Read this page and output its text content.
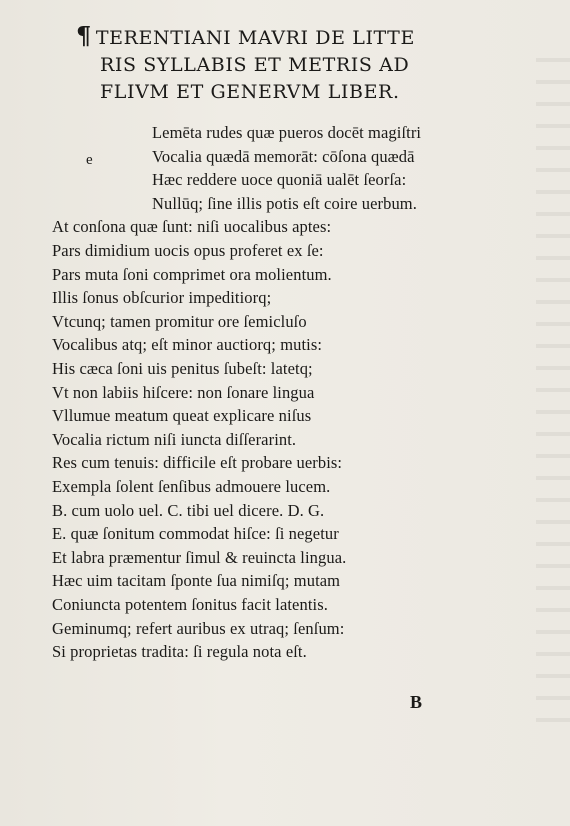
¶ TERENTIANI MAVRI DE LITTE
RIS SYLLABIS ET METRIS AD
FLIVM ET GENERVM LIBER.
e
Lemēta rudes quæ pueros docēt magiſtri
Vocalia quædā memorāt: cōſona quædā
Hæc reddere uoce quoniā ualēt ſeorſa:
Nullūq; ſine illis potis eſt coire uerbum.
At conſona quæ ſunt: niſi uocalibus aptes:
Pars dimidium uocis opus proferet ex ſe:
Pars muta ſoni comprimet ora molientum.
Illis ſonus obſcurior impeditiorq;
Vtcunq; tamen promitur ore ſemicluſo
Vocalibus atq; eſt minor auctiorq; mutis:
His cæca ſoni uis penitus ſubeſt: latetq;
Vt non labiis hiſcere: non ſonare lingua
Vllumue meatum queat explicare niſus
Vocalia rictum niſi iuncta diſſerarint.
Res cum tenuis: difficile eſt probare uerbis:
Exempla ſolent ſenſibus admouere lucem.
B. cum uolo uel. C. tibi uel dicere. D. G.
E. quæ ſonitum commodat hiſce: ſi negetur
Et labra præmentur ſimul & reuincta lingua.
Hæc uim tacitam ſponte ſua nimiſq; mutam
Coniuncta potentem ſonitus facit latentis.
Geminumq; refert auribus ex utraq; ſenſum:
Si proprietas tradita: ſi regula nota eſt.
B
